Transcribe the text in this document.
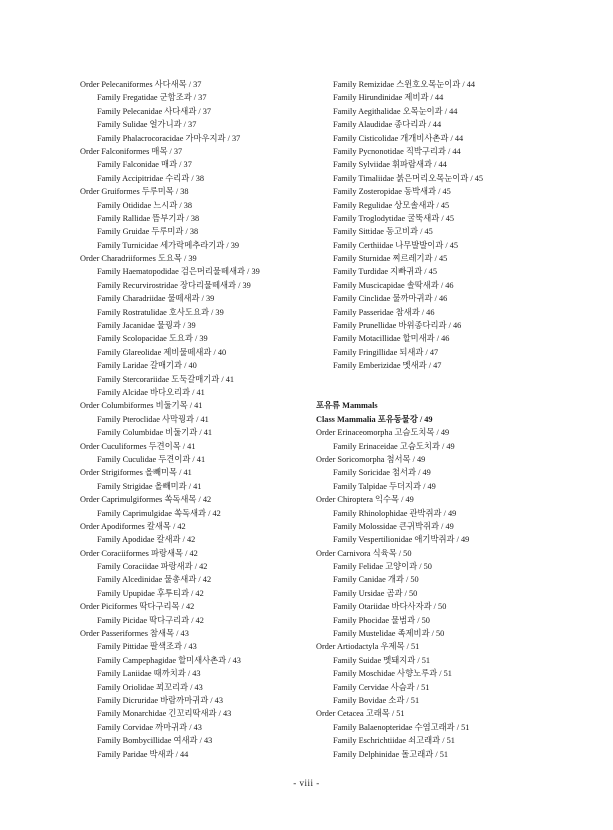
Order Pelecaniformes 사다새목 / 37
Family Fregatidae 군함조과 / 37
Family Pelecanidae 사다새과 / 37
Family Sulidae 얼가니과 / 37
Family Phalacrocoracidae 가마우지과 / 37
Order Falconiformes 매목 / 37
Family Falconidae 매과 / 37
Family Accipitridae 수리과 / 38
Order Gruiformes 두루미목 / 38
Family Otididae 느시과 / 38
Family Rallidae 뜸부기과 / 38
Family Gruidae 두루미과 / 38
Family Turnicidae 세가락메추라기과 / 39
Order Charadriiformes 도요목 / 39
Family Haematopodidae 검은머리물떼새과 / 39
Family Recurvirostridae 장다리물떼새과 / 39
Family Charadriidae 물떼새과 / 39
Family Rostratulidae 호사도요과 / 39
Family Jacanidae 물꿩과 / 39
Family Scolopacidae 도요과 / 39
Family Glareolidae 제비물떼새과 / 40
Family Laridae 갈매기과 / 40
Family Stercorariidae 도둑갈매기과 / 41
Family Alcidae 바다오리과 / 41
Order Columbiformes 비둘기목 / 41
Family Pteroclidae 사막꿩과 / 41
Family Columbidae 비둘기과 / 41
Order Cuculiformes 두견이목 / 41
Family Cuculidae 두견이과 / 41
Order Strigiformes 올빼미목 / 41
Family Strigidae 올빼미과 / 41
Order Caprimulgiformes 쏙독새목 / 42
Family Caprimulgidae 쏙독새과 / 42
Order Apodiformes 칼새목 / 42
Family Apodidae 칼새과 / 42
Order Coraciiformes 파랑새목 / 42
Family Coraciidae 파랑새과 / 42
Family Alcedinidae 물총새과 / 42
Family Upupidae 후투티과 / 42
Order Piciformes 딱다구리목 / 42
Family Picidae 딱다구리과 / 42
Order Passeriformes 참새목 / 43
Family Pittidae 팔색조과 / 43
Family Campephagidae 할미새사촌과 / 43
Family Laniidae 때까치과 / 43
Family Oriolidae 꾀꼬리과 / 43
Family Dicruridae 바람까마귀과 / 43
Family Monarchidae 긴꼬리딱새과 / 43
Family Corvidae 까마귀과 / 43
Family Bombycillidae 여새과 / 43
Family Paridae 박새과 / 44
Family Remizidae 스윈호오목눈이과 / 44
Family Hirundinidae 제비과 / 44
Family Aegithalidae 오목눈이과 / 44
Family Alaudidae 종다리과 / 44
Family Cisticolidae 개개비사촌과 / 44
Family Pycnonotidae 직박구리과 / 44
Family Sylviidae 휘파람새과 / 44
Family Timaliidae 붉은머리오목눈이과 / 45
Family Zosteropidae 동박새과 / 45
Family Regulidae 상모솔새과 / 45
Family Troglodytidae 굴뚝새과 / 45
Family Sittidae 동고비과 / 45
Family Certhiidae 나무발발이과 / 45
Family Sturnidae 찌르레기과 / 45
Family Turdidae 지빠귀과 / 45
Family Muscicapidae 솔딱새과 / 46
Family Cinclidae 물까마귀과 / 46
Family Passeridae 참새과 / 46
Family Prunellidae 바위종다리과 / 46
Family Motacillidae 할미새과 / 46
Family Fringillidae 되새과 / 47
Family Emberizidae 멧새과 / 47
포유류 Mammals
Class Mammalia 포유동물강 / 49
Order Erinaceomorpha 고슴도치목 / 49
Family Erinaceidae 고슴도치과 / 49
Order Soricomorpha 첨서목 / 49
Family Soricidae 첨서과 / 49
Family Talpidae 두더지과 / 49
Order Chiroptera 익수목 / 49
Family Rhinolophidae 관박쥐과 / 49
Family Molossidae 큰귀박쥐과 / 49
Family Vespertilionidae 애기박쥐과 / 49
Order Carnivora 식육목 / 50
Family Felidae 고양이과 / 50
Family Canidae 개과 / 50
Family Ursidae 곰과 / 50
Family Otariidae 바다사자과 / 50
Family Phocidae 물범과 / 50
Family Mustelidae 족제비과 / 50
Order Artiodactyla 우제목 / 51
Family Suidae 멧돼지과 / 51
Family Moschidae 사향노루과 / 51
Family Cervidae 사슴과 / 51
Family Bovidae 소과 / 51
Order Cetacea 고래목 / 51
Family Balaenopteridae 수염고래과 / 51
Family Eschrichtiidae 쇠고래과 / 51
Family Delphinidae 돌고래과 / 51
- viii -
